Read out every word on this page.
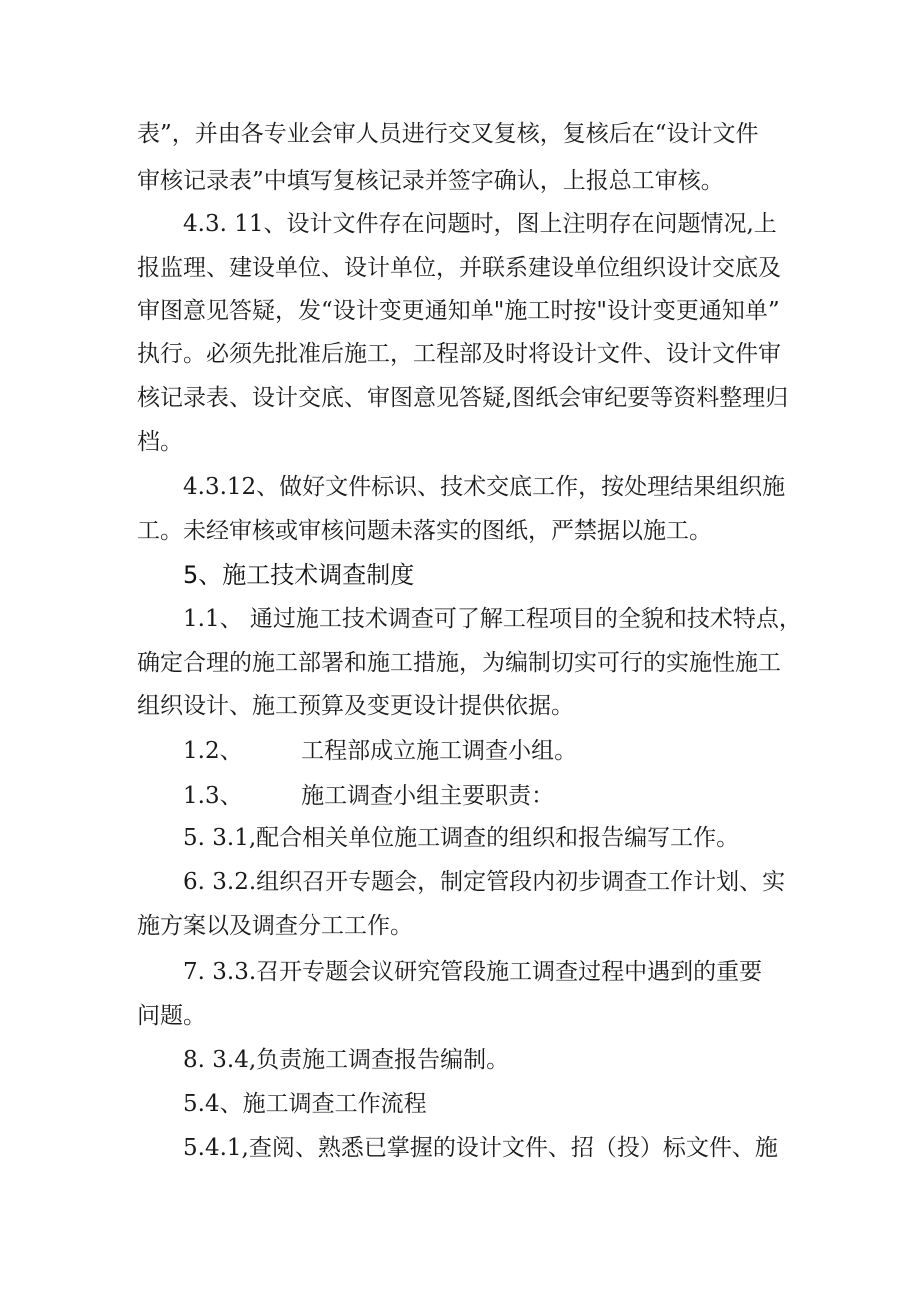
表”，并由各专业会审人员进行交叉复核，复核后在“设计文件
审核记录表”中填写复核记录并签字确认，上报总工审核。
4.3. 11、设计文件存在问题时，图上注明存在问题情况,上
报监理、建设单位、设计单位，并联系建设单位组织设计交底及
审图意见答疑，发“设计变更通知单"施工时按"设计变更通知单”
执行。必须先批准后施工，工程部及时将设计文件、设计文件审
核记录表、设计交底、审图意见答疑,图纸会审纪要等资料整理归
档。
4.3.12、做好文件标识、技术交底工作，按处理结果组织施
工。未经审核或审核问题未落实的图纸，严禁据以施工。
5、施工技术调查制度
1.1、 通过施工技术调查可了解工程项目的全貌和技术特点，
确定合理的施工部署和施工措施，为编制切实可行的实施性施工
组织设计、施工预算及变更设计提供依据。
1.2、        工程部成立施工调查小组。
1.3、        施工调查小组主要职责：
5. 3.1,配合相关单位施工调查的组织和报告编写工作。
6. 3.2.组织召开专题会，制定管段内初步调查工作计划、实
施方案以及调查分工工作。
7. 3.3.召开专题会议研究管段施工调查过程中遇到的重要
问题。
8. 3.4,负责施工调查报告编制。
5.4、施工调查工作流程
5.4.1,查阅、熟悉已掌握的设计文件、招（投）标文件、施
